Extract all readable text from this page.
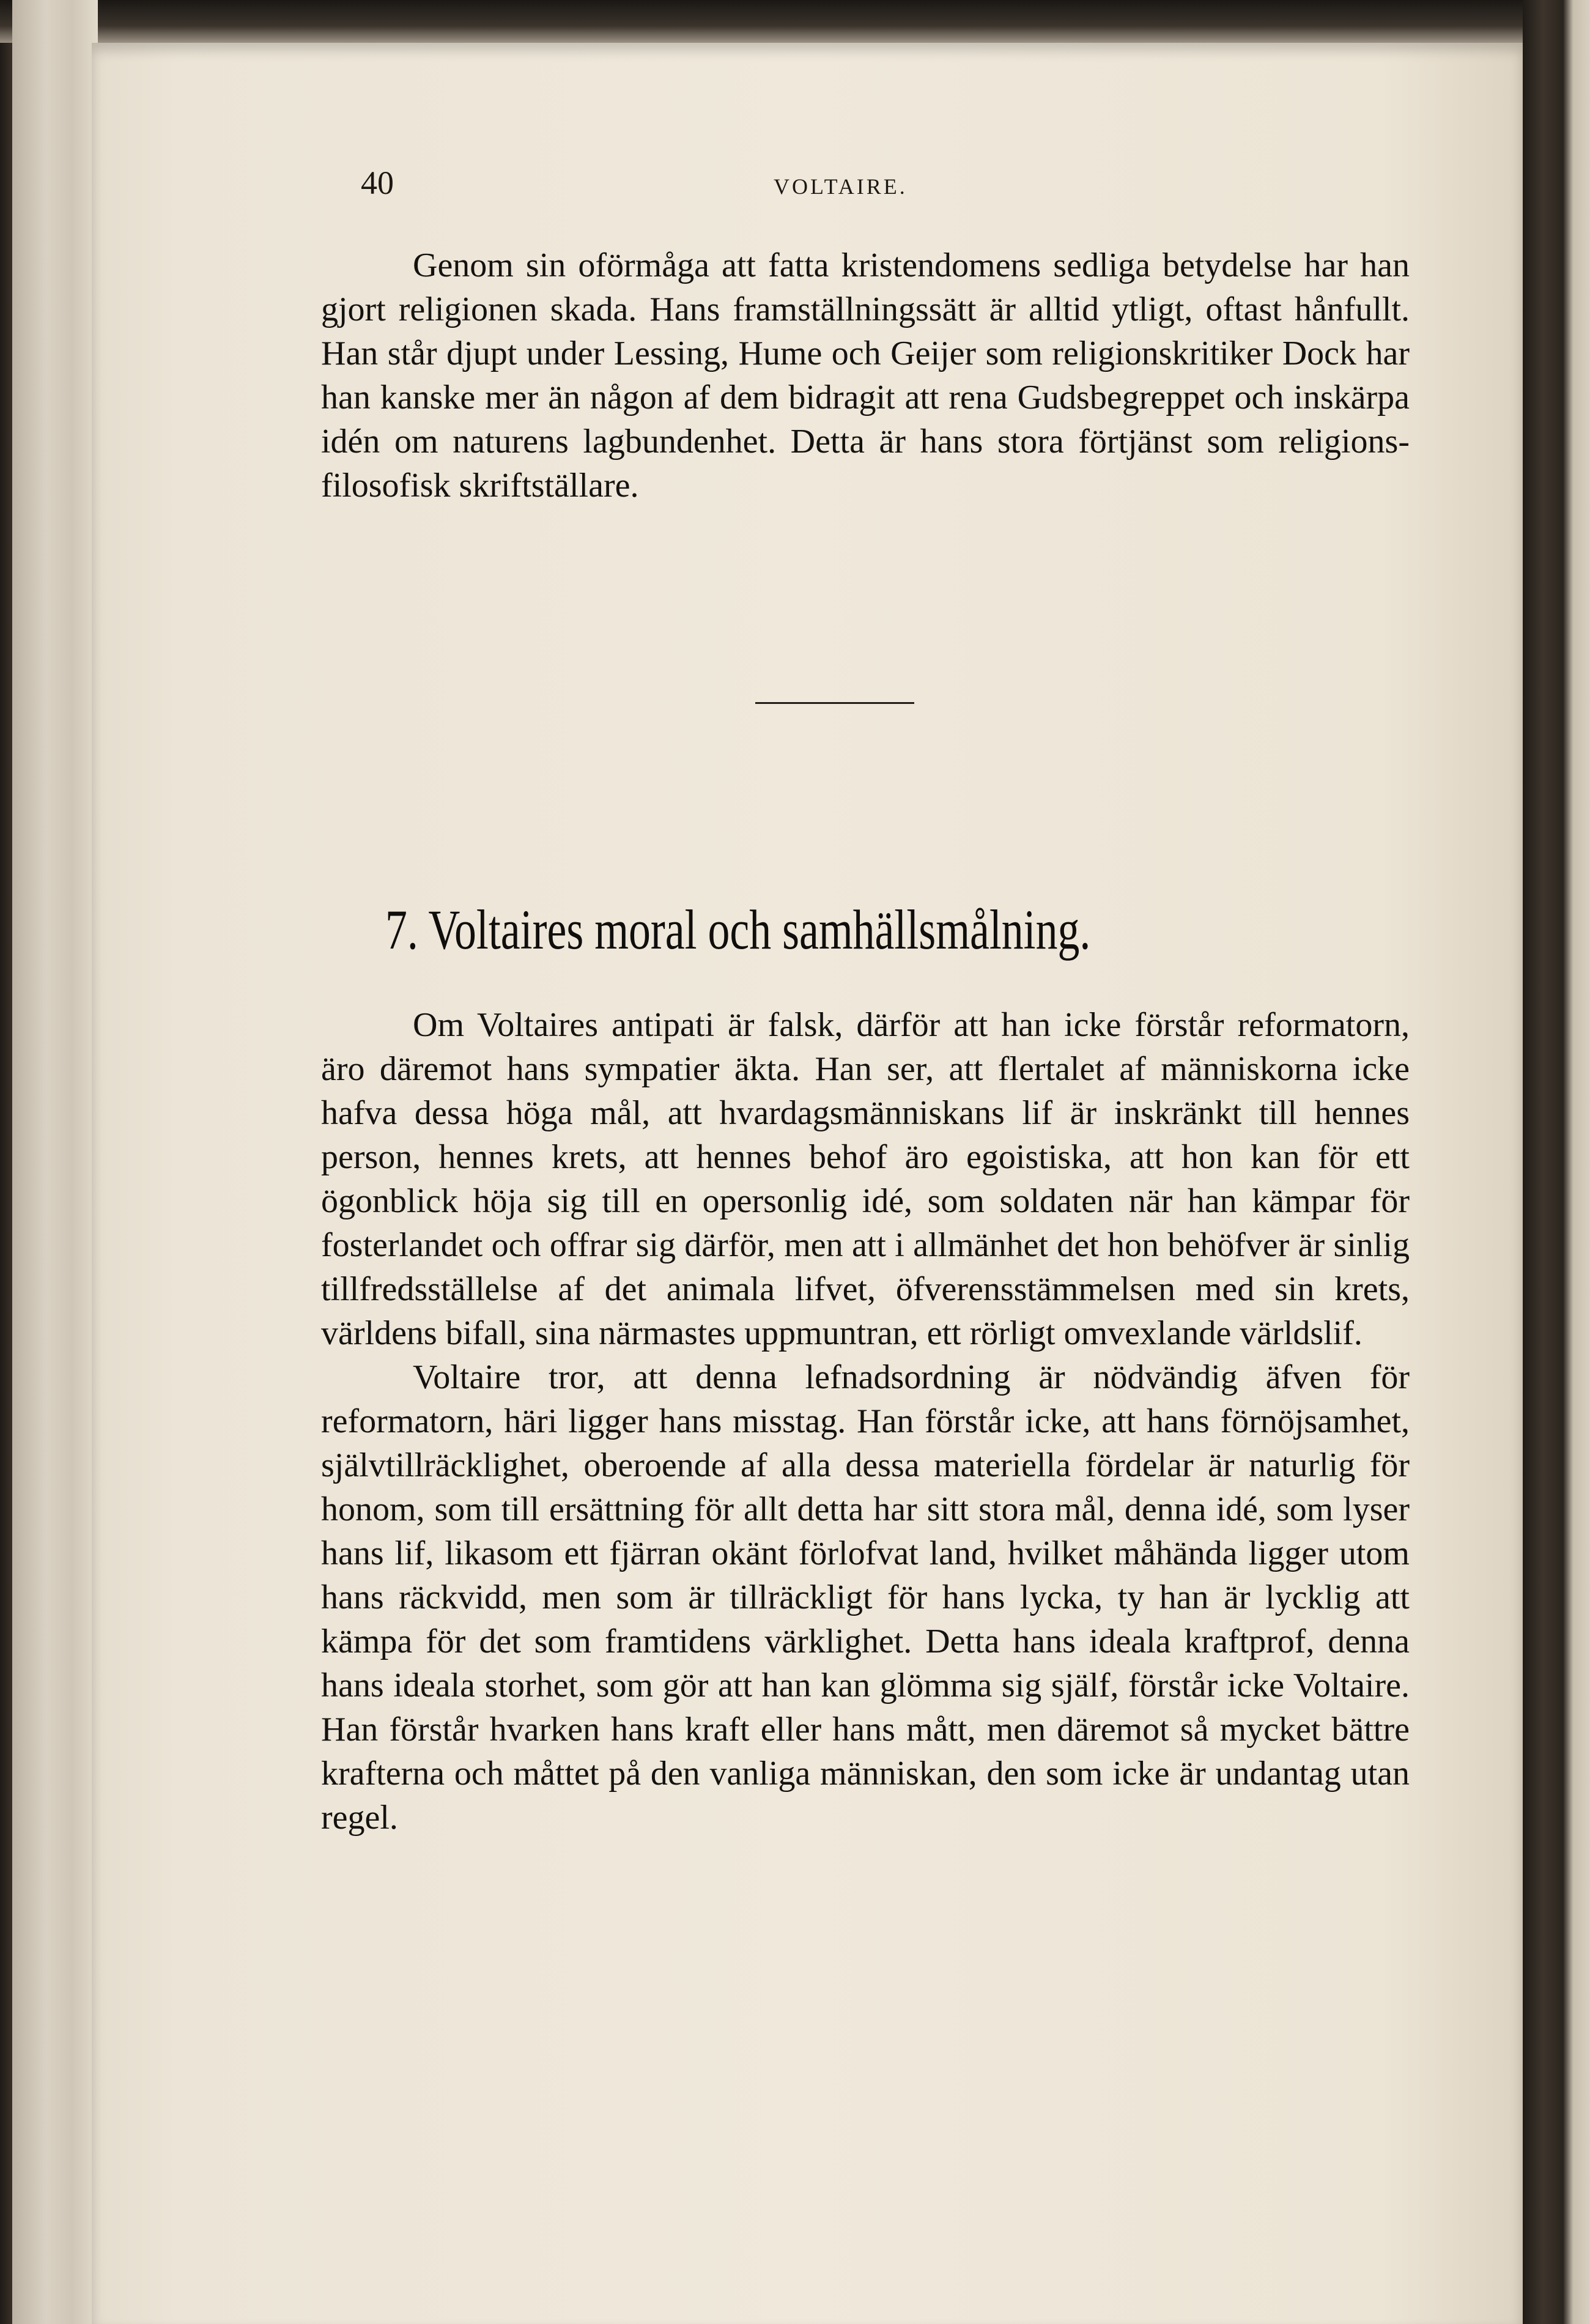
40	VOLTAIRE.

Genom sin oförmåga att fatta kristendomens sedliga betydelse har han gjort religionen skada. Hans framställningssätt är alltid ytligt, oftast hånfullt. Han står djupt under Lessing, Hume och Geijer som religionskritiker Dock har han kanske mer än någon af dem bidragit att rena Gudsbegreppet och inskärpa idén om naturens lagbundenhet. Detta är hans stora förtjänst som religions-filosofisk skriftställare.

7. Voltaires moral och samhällsmålning.

Om Voltaires antipati är falsk, därför att han icke förstår reformatorn, äro däremot hans sympatier äkta. Han ser, att flertalet af människorna icke hafva dessa höga mål, att hvardagsmänniskans lif är inskränkt till hennes person, hennes krets, att hennes behof äro egoistiska, att hon kan för ett ögonblick höja sig till en opersonlig idé, som soldaten när han kämpar för fosterlandet och offrar sig därför, men att i allmänhet det hon behöfver är sinlig tillfredsställelse af det animala lifvet, öfverensstämmelsen med sin krets, världens bifall, sina närmastes uppmuntran, ett rörligt omvexlande världslif.

Voltaire tror, att denna lefnadsordning är nödvändig äfven för reformatorn, häri ligger hans misstag. Han förstår icke, att hans förnöjsamhet, självtillräcklighet, oberoende af alla dessa materiella fördelar är naturlig för honom, som till ersättning för allt detta har sitt stora mål, denna idé, som lyser hans lif, likasom ett fjärran okänt förlofvat land, hvilket måhända ligger utom hans räckvidd, men som är tillräckligt för hans lycka, ty han är lycklig att kämpa för det som framtidens värklighet. Detta hans ideala kraftprof, denna hans ideala storhet, som gör att han kan glömma sig själf, förstår icke Voltaire. Han förstår hvarken hans kraft eller hans mått, men däremot så mycket bättre krafterna och måttet på den vanliga människan, den som icke är undantag utan regel.
